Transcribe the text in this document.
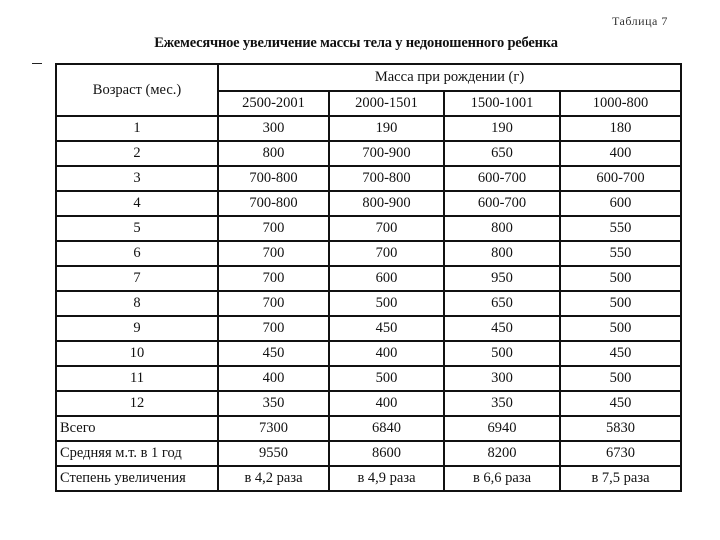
Таблица 7
Ежемесячное увеличение массы тела у недоношенного ребенка
Возраст (мес.)	Масса при рождении (г)			
	2500-2001	2000-1501	1500-1001	1000-800
1	300	190	190	180
2	800	700-900	650	400
3	700-800	700-800	600-700	600-700
4	700-800	800-900	600-700	600
5	700	700	800	550
6	700	700	800	550
7	700	600	950	500
8	700	500	650	500
9	700	450	450	500
10	450	400	500	450
11	400	500	300	500
12	350	400	350	450
Всего	7300	6840	6940	5830
Средняя м.т. в 1 год	9550	8600	8200	6730
Степень увеличения	в 4,2 раза	в 4,9 раза	в 6,6 раза	в 7,5 раза
